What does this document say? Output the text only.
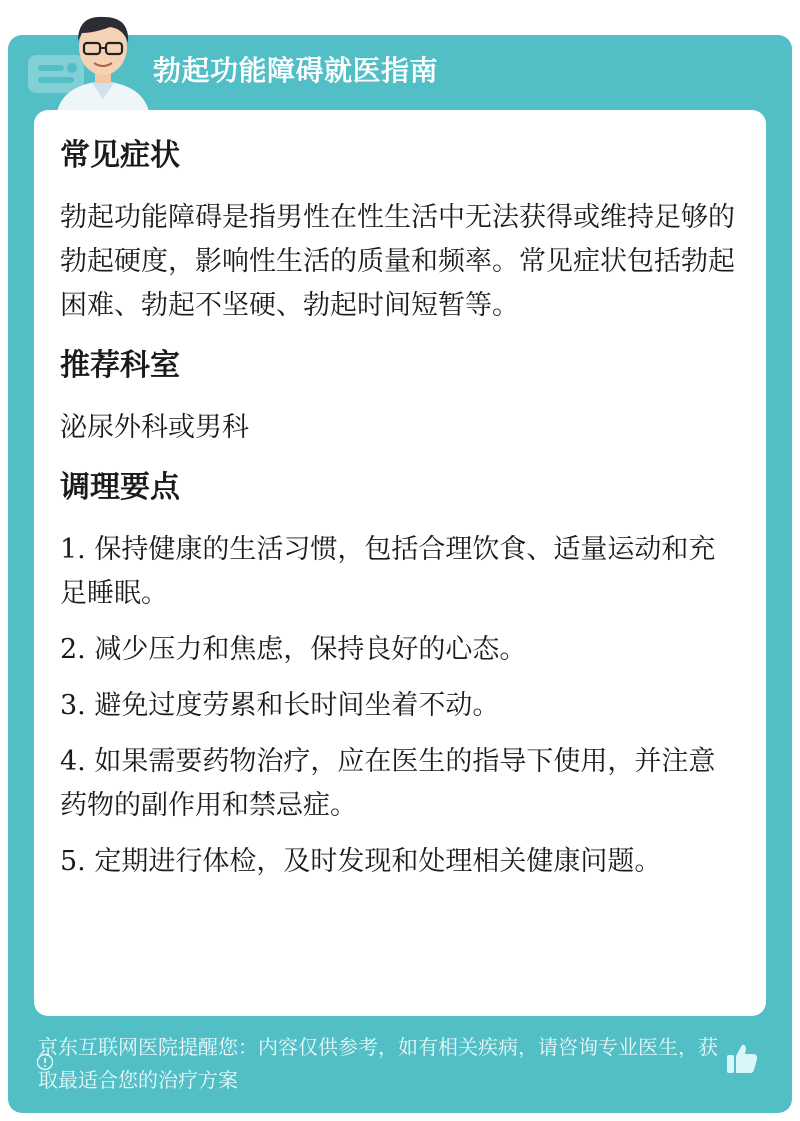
勃起功能障碍就医指南
常见症状
勃起功能障碍是指男性在性生活中无法获得或维持足够的勃起硬度，影响性生活的质量和频率。常见症状包括勃起困难、勃起不坚硬、勃起时间短暂等。
推荐科室
泌尿外科或男科
调理要点
1. 保持健康的生活习惯，包括合理饮食、适量运动和充足睡眠。
2. 减少压力和焦虑，保持良好的心态。
3. 避免过度劳累和长时间坐着不动。
4. 如果需要药物治疗，应在医生的指导下使用，并注意药物的副作用和禁忌症。
5. 定期进行体检，及时发现和处理相关健康问题。
京东互联网医院提醒您：内容仅供参考，如有相关疾病，请咨询专业医生，获取最适合您的治疗方案
